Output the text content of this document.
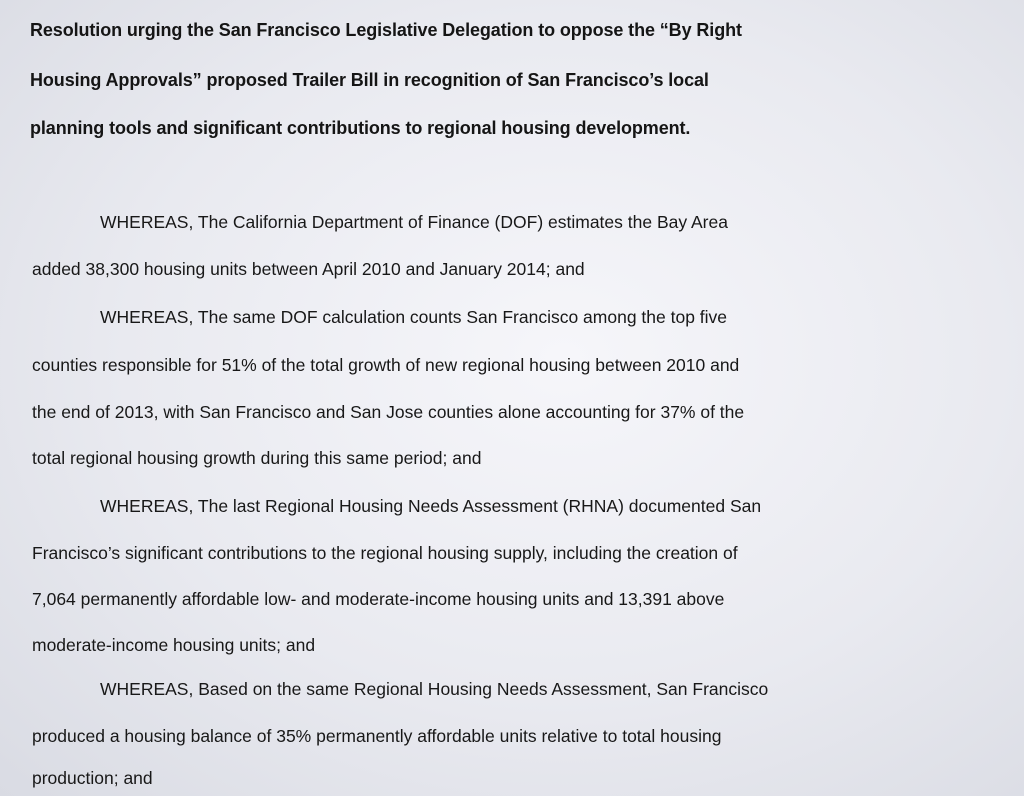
Resolution urging the San Francisco Legislative Delegation to oppose the “By Right
Housing Approvals” proposed Trailer Bill in recognition of San Francisco’s local
planning tools and significant contributions to regional housing development.
WHEREAS, The California Department of Finance (DOF) estimates the Bay Area
added 38,300 housing units between April 2010 and January 2014; and
WHEREAS, The same DOF calculation counts San Francisco among the top five
counties responsible for 51% of the total growth of new regional housing between 2010 and
the end of 2013, with San Francisco and San Jose counties alone accounting for 37% of the
total regional housing growth during this same period; and
WHEREAS, The last Regional Housing Needs Assessment (RHNA) documented San
Francisco’s significant contributions to the regional housing supply, including the creation of
7,064 permanently affordable low- and moderate-income housing units and 13,391 above
moderate-income housing units; and
WHEREAS, Based on the same Regional Housing Needs Assessment, San Francisco
produced a housing balance of 35% permanently affordable units relative to total housing
production; and
